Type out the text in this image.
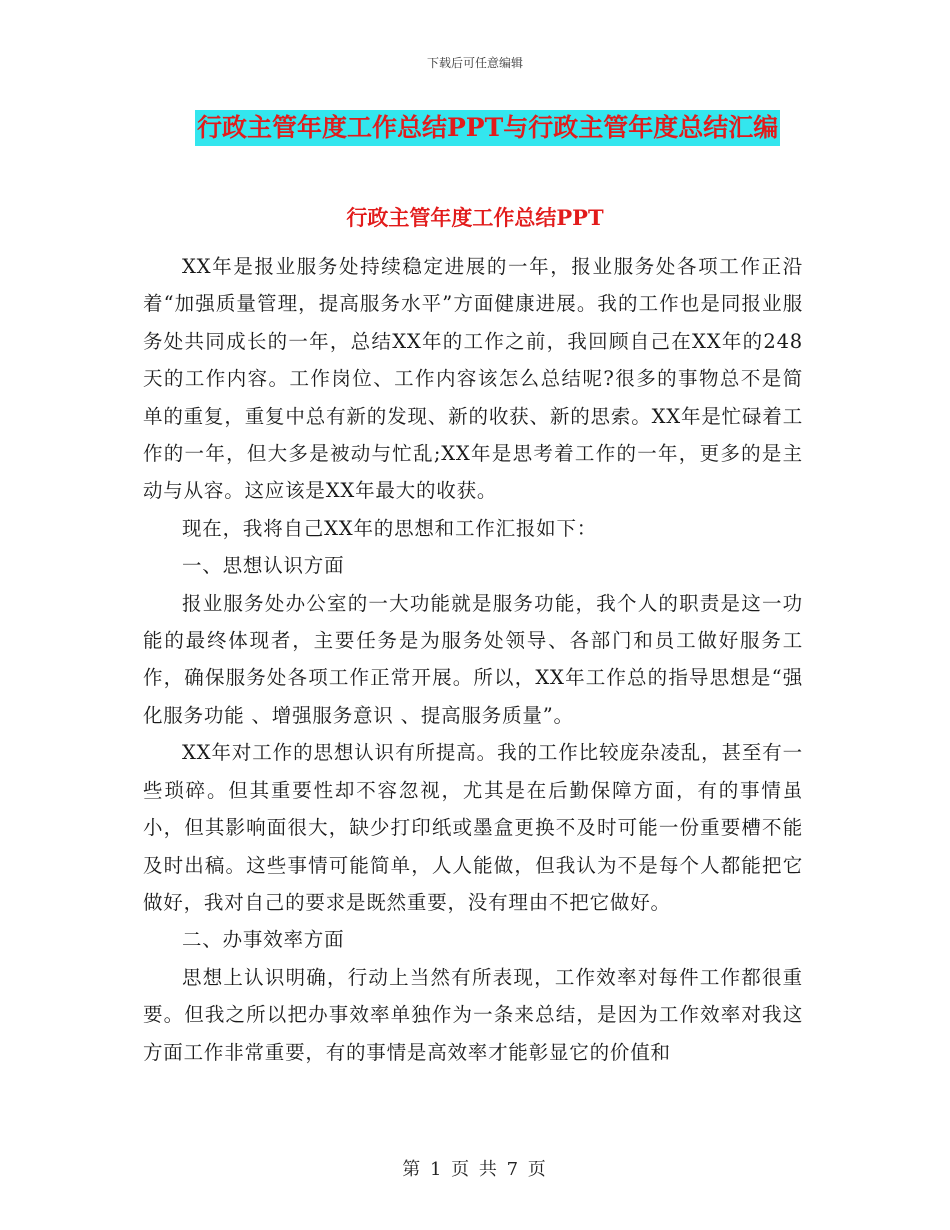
下载后可任意编辑
行政主管年度工作总结PPT与行政主管年度总结汇编
行政主管年度工作总结PPT

XX年是报业服务处持续稳定进展的一年，报业服务处各项工作正沿着“加强质量管理，提高服务水平”方面健康进展。我的工作也是同报业服务处共同成长的一年，总结XX年的工作之前，我回顾自己在XX年的248天的工作内容。工作岗位、工作内容该怎么总结呢?很多的事物总不是简单的重复，重复中总有新的发现、新的收获、新的思索。XX年是忙碌着工作的一年，但大多是被动与忙乱;XX年是思考着工作的一年，更多的是主动与从容。这应该是XX年最大的收获。

现在，我将自己XX年的思想和工作汇报如下：

一、思想认识方面

报业服务处办公室的一大功能就是服务功能，我个人的职责是这一功能的最终体现者，主要任务是为服务处领导、各部门和员工做好服务工作，确保服务处各项工作正常开展。所以，XX年工作总的指导思想是“强化服务功能 、增强服务意识 、提高服务质量”。

XX年对工作的思想认识有所提高。我的工作比较庞杂凌乱，甚至有一些琐碎。但其重要性却不容忽视，尤其是在后勤保障方面，有的事情虽小，但其影响面很大，缺少打印纸或墨盒更换不及时可能一份重要槽不能及时出稿。这些事情可能简单，人人能做，但我认为不是每个人都能把它做好，我对自己的要求是既然重要，没有理由不把它做好。

二、办事效率方面

思想上认识明确，行动上当然有所表现，工作效率对每件工作都很重要。但我之所以把办事效率单独作为一条来总结，是因为工作效率对我这方面工作非常重要，有的事情是高效率才能彰显它的价值和

第 1 页 共 7 页
